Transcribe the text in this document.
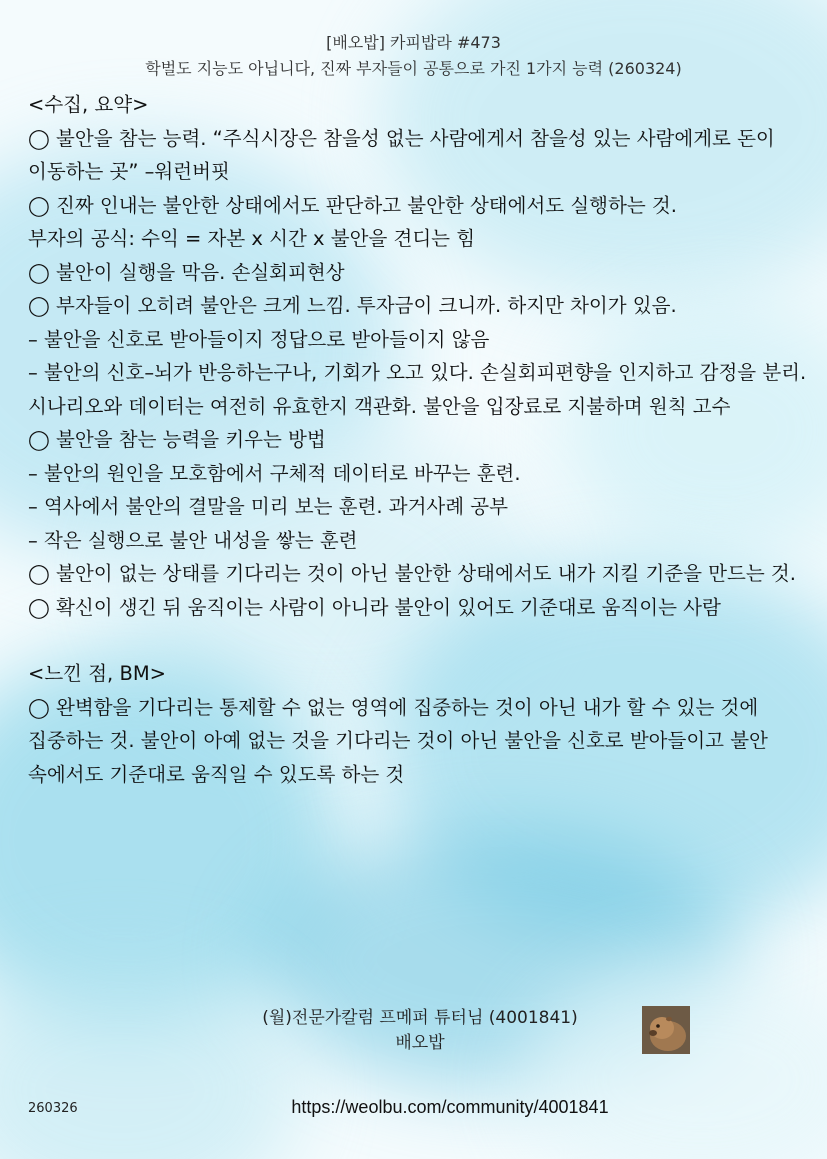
[배오밥] 카피밥라 #473
학벌도 지능도 아닙니다, 진짜 부자들이 공통으로 가진 1가지 능력 (260324)

<수집, 요약>

◯ 불안을 참는 능력. “주식시장은 참을성 없는 사람에게서 참을성 있는 사람에게로 돈이 이동하는 곳” –워런버핏

◯ 진짜 인내는 불안한 상태에서도 판단하고 불안한 상태에서도 실행하는 것.

부자의 공식: 수익 = 자본 x 시간 x 불안을 견디는 힘

◯ 불안이 실행을 막음. 손실회피현상

◯ 부자들이 오히려 불안은 크게 느낌. 투자금이 크니까. 하지만 차이가 있음.

– 불안을 신호로 받아들이지 정답으로 받아들이지 않음

– 불안의 신호–뇌가 반응하는구나, 기회가 오고 있다. 손실회피편향을 인지하고 감정을 분리. 시나리오와 데이터는 여전히 유효한지 객관화. 불안을 입장료로 지불하며 원칙 고수

◯ 불안을 참는 능력을 키우는 방법

– 불안의 원인을 모호함에서 구체적 데이터로 바꾸는 훈련.

– 역사에서 불안의 결말을 미리 보는 훈련. 과거사례 공부

– 작은 실행으로 불안 내성을 쌓는 훈련

◯ 불안이 없는 상태를 기다리는 것이 아닌 불안한 상태에서도 내가 지킬 기준을 만드는 것.

◯ 확신이 생긴 뒤 움직이는 사람이 아니라 불안이 있어도 기준대로 움직이는 사람

<느낀 점, BM>

◯ 완벽함을 기다리는 통제할 수 없는 영역에 집중하는 것이 아닌 내가 할 수 있는 것에 집중하는 것. 불안이 아예 없는 것을 기다리는 것이 아닌 불안을 신호로 받아들이고 불안 속에서도 기준대로 움직일 수 있도록 하는 것

(월)전문가칼럼 프메퍼 튜터님 (4001841)
배오밥
260326	https://weolbu.com/community/4001841
